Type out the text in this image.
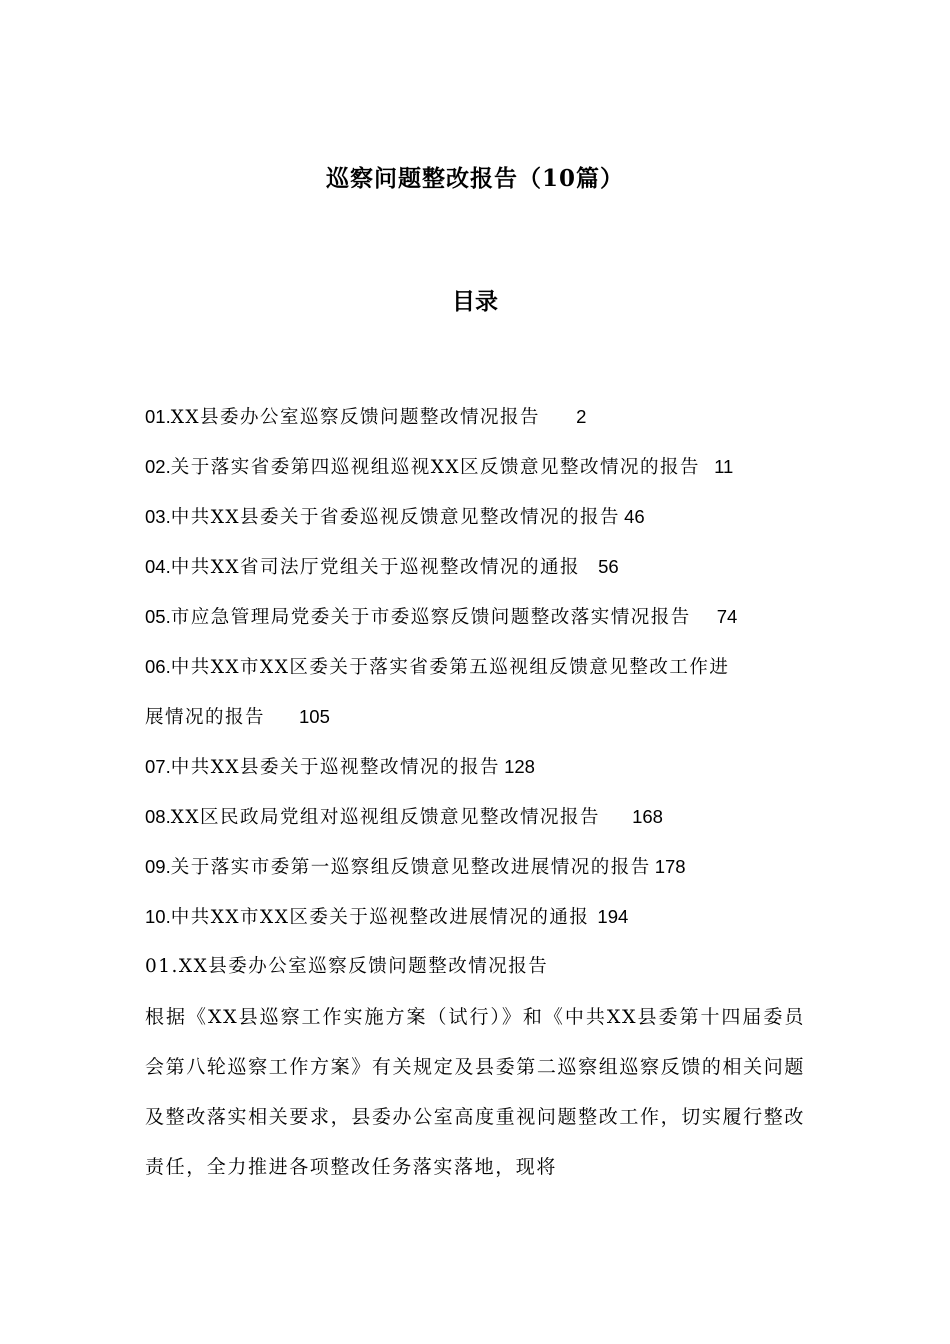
巡察问题整改报告（10篇）
目录
01.XX县委办公室巡察反馈问题整改情况报告 2
02.关于落实省委第四巡视组巡视XX区反馈意见整改情况的报告 11
03.中共XX县委关于省委巡视反馈意见整改情况的报告 46
04.中共XX省司法厅党组关于巡视整改情况的通报 56
05.市应急管理局党委关于市委巡察反馈问题整改落实情况报告 74
06.中共XX市XX区委关于落实省委第五巡视组反馈意见整改工作进
展情况的报告 105
07.中共XX县委关于巡视整改情况的报告 128
08.XX区民政局党组对巡视组反馈意见整改情况报告 168
09.关于落实市委第一巡察组反馈意见整改进展情况的报告 178
10.中共XX市XX区委关于巡视整改进展情况的通报 194
01.XX县委办公室巡察反馈问题整改情况报告

根据《XX县巡察工作实施方案（试行）》和《中共XX县委第十四届委员会第八轮巡察工作方案》有关规定及县委第二巡察组巡察反馈的相关问题及整改落实相关要求，县委办公室高度重视问题整改工作，切实履行整改责任，全力推进各项整改任务落实落地，现将
